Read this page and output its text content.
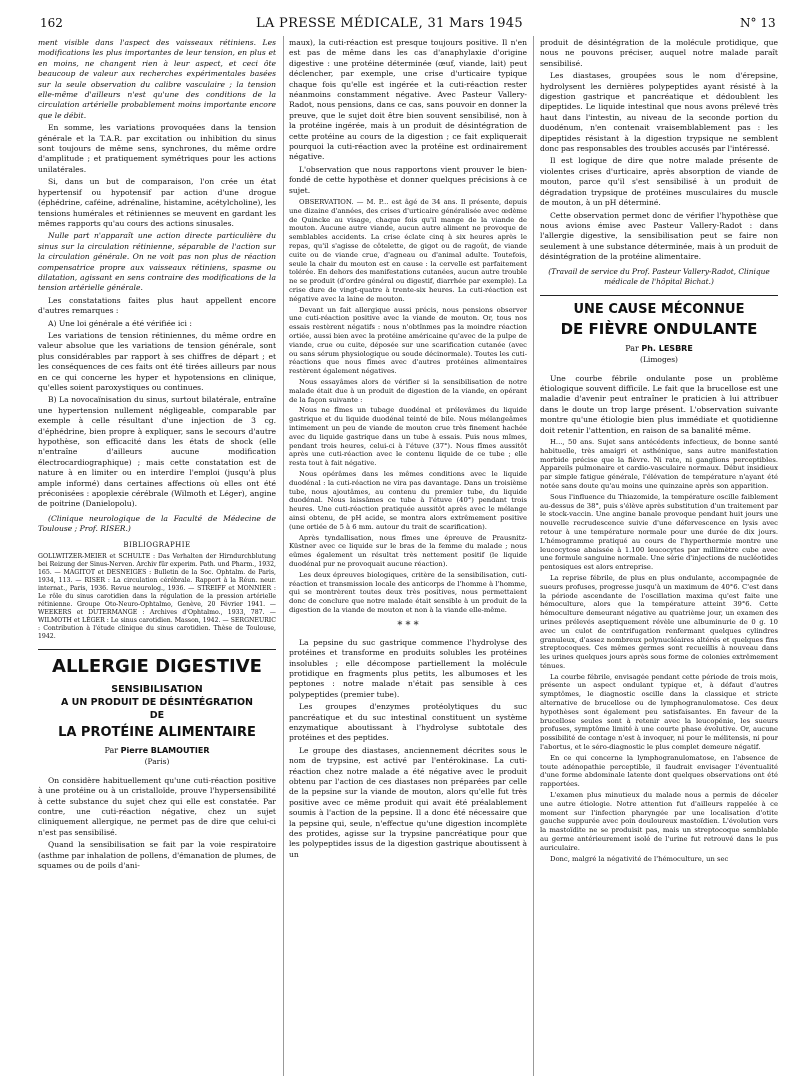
162	LA PRESSE MÉDICALE, 31 Mars 1945	N° 13

ment visible dans l'aspect des vaisseaux rétiniens. Les modifications les plus importantes de leur tension, en plus et en moins, ne changent rien à leur aspect, et ceci ôte beaucoup de valeur aux recherches expérimentales basées sur la seule observation du calibre vasculaire ; la tension elle-même d'ailleurs n'est qu'une des conditions de la circulation artérielle probablement moins importante encore que le débit.

En somme, les variations provoquées dans la tension générale et la T.A.R. par excitation ou inhibition du sinus sont toujours de même sens, synchrones, du même ordre d'amplitude ; et pratiquement symétriques pour les actions unilatérales.

Si, dans un but de comparaison, l'on crée un état hypertensif ou hypotensif par action d'une drogue (éphédrine, caféine, adrénaline, histamine, acétylcholine), les tensions humérales et rétiniennes se meuvent en gardant les mêmes rapports qu'au cours des actions sinusales.

Nulle part n'apparaît une action directe particulière du sinus sur la circulation rétinienne, séparable de l'action sur la circulation générale. On ne voit pas non plus de réaction compensatrice propre aux vaisseaux rétiniens, spasme ou dilatation, agissant en sens contraire des modifications de la tension artérielle générale.

Les constatations faites plus haut appellent encore d'autres remarques :

A) Une loi générale a été vérifiée ici :

Les variations de tension rétiniennes, du même ordre en valeur absolue que les variations de tension générale, sont plus considérables par rapport à ses chiffres de départ ; et les conséquences de ces faits ont été tirées ailleurs par nous en ce qui concerne les hyper et hypotensions en clinique, qu'elles soient paroxystiques ou continues.

B) La novocaïnisation du sinus, surtout bilatérale, entraîne une hypertension nullement négligeable, comparable par exemple à celle résultant d'une injection de 3 cg. d'éphédrine, bien propre à expliquer, sans le secours d'autre hypothèse, son efficacité dans les états de shock (elle n'entraîne d'ailleurs aucune modification électrocardiographique) ; mais cette constatation est de nature à en limiter ou en interdire l'emploi (jusqu'à plus ample informé) dans certaines affections où elles ont été préconisées : apoplexie cérébrale (Wilmoth et Léger), angine de poitrine (Danielopolu).

(Clinique neurologique de la Faculté de Médecine de Toulouse ; Prof. RISER.)

BIBLIOGRAPHIE

GOLLWITZER-MEIER et SCHULTE : Das Verhalten der Hirndurchblutung bei Reizung der Sinus-Nerven. Archiv für experim. Path. und Pharm., 1932, 165. — MAGITOT et DESNEIGES : Bulletin de la Soc. Ophtalm. de Paris, 1934, 113. — RISER : La circulation cérébrale. Rapport à la Réun. neur. internat., Paris, 1936. Revue neurolog., 1936. — STREIFF et MONNIER : Le rôle du sinus carotidien dans la régulation de la pression artérielle rétinienne. Groupe Oto-Neuro-Ophtalmo, Genève, 20 Février 1941. — WEEKERS et DUTERMANGE : Archives d'Ophtalmo., 1933, 787. — WILMOTH et LÉGER : Le sinus carotidien. Masson, 1942. — SERGNEURIC : Contribution à l'étude clinique du sinus carotidien. Thèse de Toulouse, 1942.

ALLERGIE DIGESTIVE
SENSIBILISATION
A UN PRODUIT DE DÉSINTÉGRATION
DE
LA PROTÉINE ALIMENTAIRE
Par Pierre BLAMOUTIER
(Paris)

On considère habituellement qu'une cuti-réaction positive à une protéine ou à un cristalloïde, prouve l'hypersensibilité à cette substance du sujet chez qui elle est constatée. Par contre, une cuti-réaction négative, chez un sujet cliniquement allergique, ne permet pas de dire que celui-ci n'est pas sensibilisé.

Quand la sensibilisation se fait par la voie respiratoire (asthme par inhalation de pollens, d'émanation de plumes, de squames ou de poils d'ani-

maux), la cuti-réaction est presque toujours positive. Il n'en est pas de même dans les cas d'anaphylaxie d'origine digestive : une protéine déterminée (œuf, viande, lait) peut déclencher, par exemple, une crise d'urticaire typique chaque fois qu'elle est ingérée et la cuti-réaction rester néanmoins constamment négative. Avec Pasteur Vallery-Radot, nous pensions, dans ce cas, sans pouvoir en donner la preuve, que le sujet doit être bien souvent sensibilisé, non à la protéine ingérée, mais à un produit de désintégration de cette protéine au cours de la digestion ; ce fait expliquerait pourquoi la cuti-réaction avec la protéine est ordinairement négative.

L'observation que nous rapportons vient prouver le bien-fondé de cette hypothèse et donner quelques précisions à ce sujet.

OBSERVATION. — M. P... est âgé de 34 ans. Il présente, depuis une dizaine d'années, des crises d'urticaire généralisée avec œdème de Quincke au visage, chaque fois qu'il mange de la viande de mouton. Aucune autre viande, aucun autre aliment ne provoque de semblables accidents. La crise éclate cinq à six heures après le repas, qu'il s'agisse de côtelette, de gigot ou de ragoût, de viande cuite ou de viande crue, d'agneau ou d'animal adulte. Toutefois, seule la chair du mouton est en cause : la cervelle est parfaitement tolérée. En dehors des manifestations cutanées, aucun autre trouble ne se produit (d'ordre général ou digestif, diarrhée par exemple). La crise dure de vingt-quatre à trente-six heures. La cuti-réaction est négative avec la laine de mouton.

Devant un fait allergique aussi précis, nous pensions observer une cuti-réaction positive avec la viande de mouton. Or, tous nos essais restèrent négatifs : nous n'obtînmes pas la moindre réaction ortiée, aussi bien avec la protéine américaine qu'avec de la pulpe de viande, crue ou cuite, déposée sur une scarification cutanée (avec ou sans sérum physiologique ou soude décinormale). Toutes les cuti-réactions que nous fîmes avec d'autres protéines alimentaires restèrent également négatives.

Nous essayâmes alors de vérifier si la sensibilisation de notre malade était due à un produit de digestion de la viande, en opérant de la façon suivante :

Nous ne fîmes un tubage duodénal et prélevâmes du liquide gastrique et du liquide duodénal teinté de bile. Nous mélangeâmes intimement un peu de viande de mouton crue très finement hachée avec du liquide gastrique dans un tube à essais. Puis nous mîmes, pendant trois heures, celui-ci à l'étuve (37°). Nous fîmes aussitôt après une cuti-réaction avec le contenu liquide de ce tube ; elle resta tout à fait négative.

Nous opérâmes dans les mêmes conditions avec le liquide duodénal : la cuti-réaction ne vira pas davantage. Dans un troisième tube, nous ajoutâmes, au contenu du premier tube, du liquide duodénal. Nous laissâmes ce tube à l'étuve (40°) pendant trois heures. Une cuti-réaction pratiquée aussitôt après avec le mélange ainsi obtenu, de pH acide, se montra alors extrêmement positive (une ortiée de 5 à 6 mm. autour du trait de scarification).

Après tyndallisation, nous fîmes une épreuve de Prausnitz-Küstner avec ce liquide sur le bras de la femme du malade ; nous eûmes également un résultat très nettement positif (le liquide duodénal pur ne provoquait aucune réaction).

Les deux épreuves biologiques, critère de la sensibilisation, cuti-réaction et transmission locale des anticorps de l'homme à l'homme, qui se montrèrent toutes deux très positives, nous permettaient donc de conclure que notre malade était sensible à un produit de la digestion de la viande de mouton et non à la viande elle-même.

* * *

La pepsine du suc gastrique commence l'hydrolyse des protéines et transforme en produits solubles les protéines insolubles ; elle décompose partiellement la molécule protidique en fragments plus petits, les albumoses et les peptones : notre malade n'était pas sensible à ces polypeptides (premier tube).

Les groupes d'enzymes protéolytiques du suc pancréatique et du suc intestinal constituent un système enzymatique aboutissant à l'hydrolyse subtotale des protéines et des peptides.

Le groupe des diastases, anciennement décrites sous le nom de trypsine, est activé par l'entérokinase. La cuti-réaction chez notre malade a été négative avec le produit obtenu par l'action de ces diastases non préparées par celle de la pepsine sur la viande de mouton, alors qu'elle fut très positive avec ce même produit qui avait été préalablement soumis à l'action de la pepsine. Il a donc été nécessaire que la pepsine qui, seule, n'effectue qu'une digestion incomplète des protides, agisse sur la trypsine pancréatique pour que les polypeptides issus de la digestion gastrique aboutissent à un

produit de désintégration de la molécule protidique, que nous ne pouvons préciser, auquel notre malade paraît sensibilisé.

Les diastases, groupées sous le nom d'érepsine, hydrolysent les dernières polypeptides ayant résisté à la digestion gastrique et pancréatique et dédoublent les dipeptides. Le liquide intestinal que nous avons prélevé très haut dans l'intestin, au niveau de la seconde portion du duodénum, n'en contenait vraisemblablement pas : les dipeptides résistant à la digestion trypsique ne semblent donc pas responsables des troubles accusés par l'intéressé.

Il est logique de dire que notre malade présente de violentes crises d'urticaire, après absorption de viande de mouton, parce qu'il s'est sensibilisé à un produit de dégradation trypsique de protéines musculaires du muscle de mouton, à un pH déterminé.

Cette observation permet donc de vérifier l'hypothèse que nous avions émise avec Pasteur Vallery-Radot : dans l'allergie digestive, la sensibilisation peut se faire non seulement à une substance déterminée, mais à un produit de désintégration de la protéine alimentaire.

(Travail de service du Prof. Pasteur Vallery-Radot, Clinique médicale de l'hôpital Bichat.)

UNE CAUSE MÉCONNUE
DE FIÈVRE ONDULANTE
Par Ph. LESBRE
(Limoges)

Une courbe fébrile ondulante pose un problème étiologique souvent difficile. Le fait que la brucellose est une maladie d'avenir peut entraîner le praticien à lui attribuer dans le doute un trop large présent. L'observation suivante montre qu'une étiologie bien plus immédiate et quotidienne doit retenir l'attention, en raison de sa banalité même.

H..., 50 ans. Sujet sans antécédents infectieux, de bonne santé habituelle, très amaigri et asthénique, sans autre manifestation morbide précise que la fièvre. Ni rate, ni ganglions perceptibles. Appareils pulmonaire et cardio-vasculaire normaux. Début insidieux par simple fatigue générale, l'élévation de température n'ayant été notée sans doute qu'au moins une quinzaine après son apparition.

Sous l'influence du Thiazomide, la température oscille faiblement au-dessus de 38°, puis s'élève après substitution d'un traitement par le stock-vaccin. Une angine banale provoque pendant huit jours une nouvelle recrudescence suivie d'une défervescence en lysis avec retour à une température normale pour une durée de dix jours. L'hémogramme pratiqué au cours de l'hyperthermie montre une leucocytose abaissée à 1.100 leucocytes par millimètre cube avec une formule sanguine normale. Une série d'injections de nucléotides pentosiques est alors entreprise.

La reprise fébrile, de plus en plus ondulante, accompagnée de sueurs profuses, progresse jusqu'à un maximum de 40°6. C'est dans la période ascendante de l'oscillation maxima qu'est faite une hémoculture, alors que la température atteint 39°6. Cette hémoculture demeurant négative au quatrième jour, un examen des urines prélevés aseptiquement révèle une albuminurie de 0 g. 10 avec un culot de centrifugation renfermant quelques cylindres granuleux, d'assez nombreux polynucléaires altérés et quelques fins streptocoques. Ces mêmes germes sont recueillis à nouveau dans les urines quelques jours après sous forme de colonies extrêmement ténues.

La courbe fébrile, envisagée pendant cette période de trois mois, présente un aspect ondulant typique et, à défaut d'autres symptômes, le diagnostic oscille dans la classique et stricte alternative de brucellose ou de lymphogranulomatose. Ces deux hypothèses sont également peu satisfaisantes. En faveur de la brucellose seules sont à retenir avec la leucopénie, les sueurs profuses, symptôme limité à une courte phase évolutive. Or, aucune possibilité de contage n'est à invoquer, ni pour le mélitensis, ni pour l'abortus, et le séro-diagnostic le plus complet demeure négatif.

En ce qui concerne la lymphogranulomatose, en l'absence de toute adénopathie perceptible, il faudrait envisager l'éventualité d'une forme abdominale latente dont quelques observations ont été rapportées.

L'examen plus minutieux du malade nous a permis de déceler une autre étiologie. Notre attention fut d'ailleurs rappelée à ce moment sur l'infection pharyngée par une localisation d'otite gauche suppurée avec poin douloureux mastoïdien. L'évolution vers la mastoïdite ne se produisit pas, mais un streptocoque semblable au germe antérieurement isolé de l'urine fut retrouvé dans le pus auriculaire.

Donc, malgré la négativité de l'hémoculture, un sec
